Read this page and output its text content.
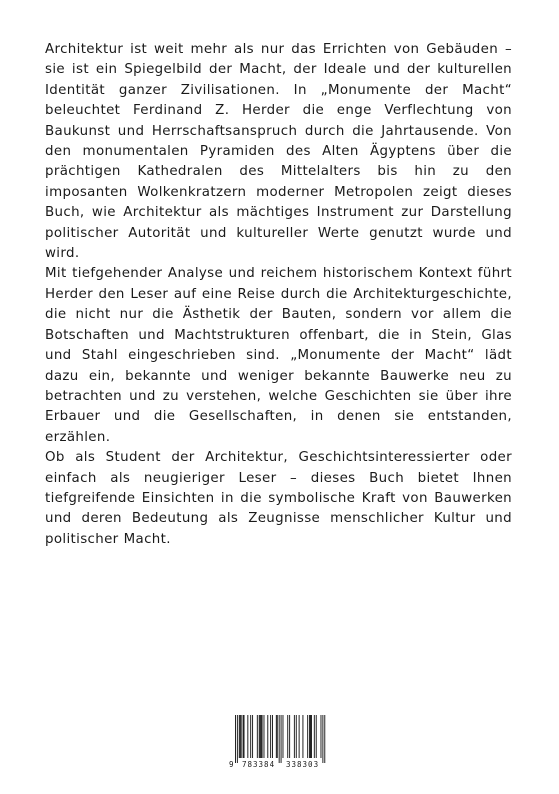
Architektur ist weit mehr als nur das Errichten von Gebäuden – sie ist ein Spiegelbild der Macht, der Ideale und der kulturellen Identität ganzer Zivilisationen. In „Monumente der Macht“ beleuchtet Ferdinand Z. Herder die enge Verflechtung von Baukunst und Herrschaftsanspruch durch die Jahrtausende. Von den monumentalen Pyramiden des Alten Ägyptens über die prächtigen Kathedralen des Mittelalters bis hin zu den imposanten Wolkenkratzern moderner Metropolen zeigt dieses Buch, wie Architektur als mächtiges Instrument zur Darstellung politischer Autorität und kultureller Werte genutzt wurde und wird.

Mit tiefgehender Analyse und reichem historischem Kontext führt Herder den Leser auf eine Reise durch die Architekturgeschichte, die nicht nur die Ästhetik der Bauten, sondern vor allem die Botschaften und Machtstrukturen offenbart, die in Stein, Glas und Stahl eingeschrieben sind. „Monumente der Macht“ lädt dazu ein, bekannte und weniger bekannte Bauwerke neu zu betrachten und zu verstehen, welche Geschichten sie über ihre Erbauer und die Gesellschaften, in denen sie entstanden, erzählen.

Ob als Student der Architektur, Geschichtsinteressierter oder einfach als neugieriger Leser – dieses Buch bietet Ihnen tiefgreifende Einsichten in die symbolische Kraft von Bauwerken und deren Bedeutung als Zeugnisse menschlicher Kultur und politischer Macht.

9 783384 338303
